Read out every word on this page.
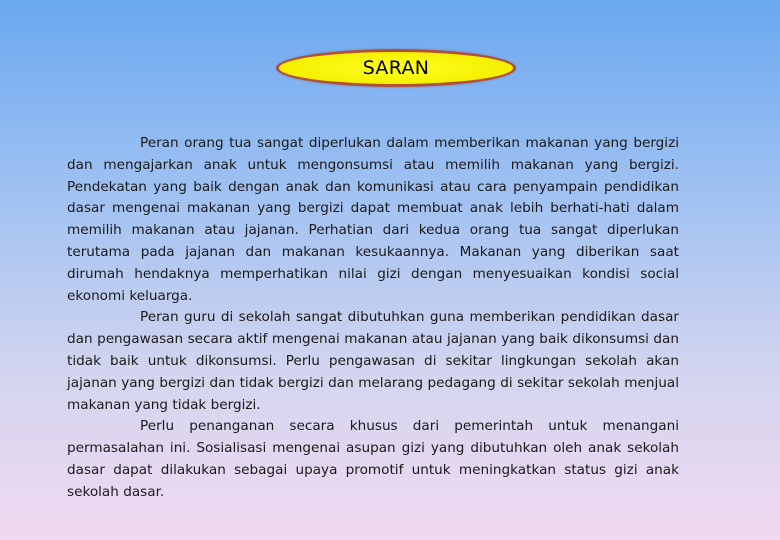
SARAN

Peran orang tua sangat diperlukan dalam memberikan makanan yang bergizi dan mengajarkan anak untuk mengonsumsi atau memilih makanan yang bergizi. Pendekatan yang baik dengan anak dan komunikasi atau cara penyampain pendidikan dasar mengenai makanan yang bergizi dapat membuat anak lebih berhati-hati dalam memilih makanan atau jajanan. Perhatian dari kedua orang tua sangat diperlukan terutama pada jajanan dan makanan kesukaannya. Makanan yang diberikan saat dirumah hendaknya memperhatikan nilai gizi dengan menyesuaikan kondisi social ekonomi keluarga.

Peran guru di sekolah sangat dibutuhkan guna memberikan pendidikan dasar dan pengawasan secara aktif mengenai makanan atau jajanan yang baik dikonsumsi dan tidak baik untuk dikonsumsi. Perlu pengawasan di sekitar lingkungan sekolah akan jajanan yang bergizi dan tidak bergizi dan melarang pedagang di sekitar sekolah menjual makanan yang tidak bergizi.

Perlu penanganan secara khusus dari pemerintah untuk menangani permasalahan ini. Sosialisasi mengenai asupan gizi yang dibutuhkan oleh anak sekolah dasar dapat dilakukan sebagai upaya promotif untuk meningkatkan status gizi anak sekolah dasar.
